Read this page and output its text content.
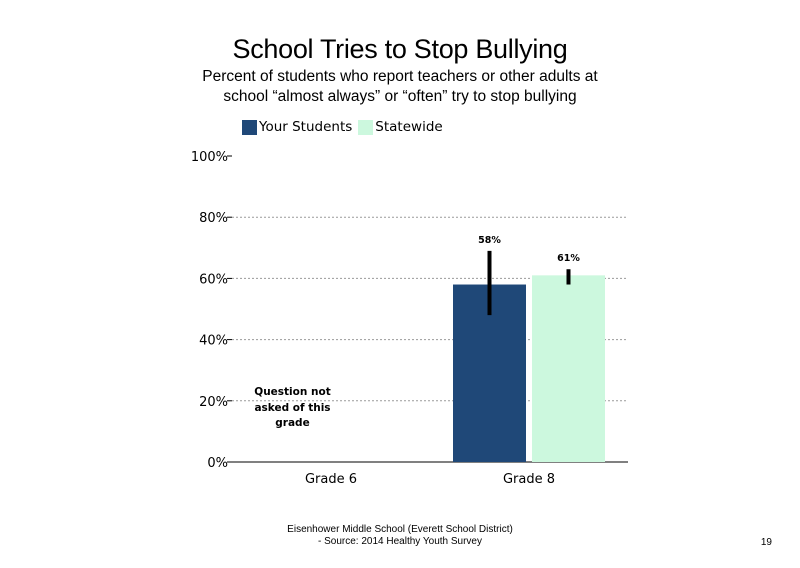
School Tries to Stop Bullying
Percent of students who report teachers or other adults at school “almost always” or “often” try to stop bullying
Your Students Statewide
0%
20%
40%
60%
80%
100%
Grade 6	Grade 8
58%
61%
Question not asked of this grade
Eisenhower Middle School (Everett School District)
- Source: 2014 Healthy Youth Survey	19
